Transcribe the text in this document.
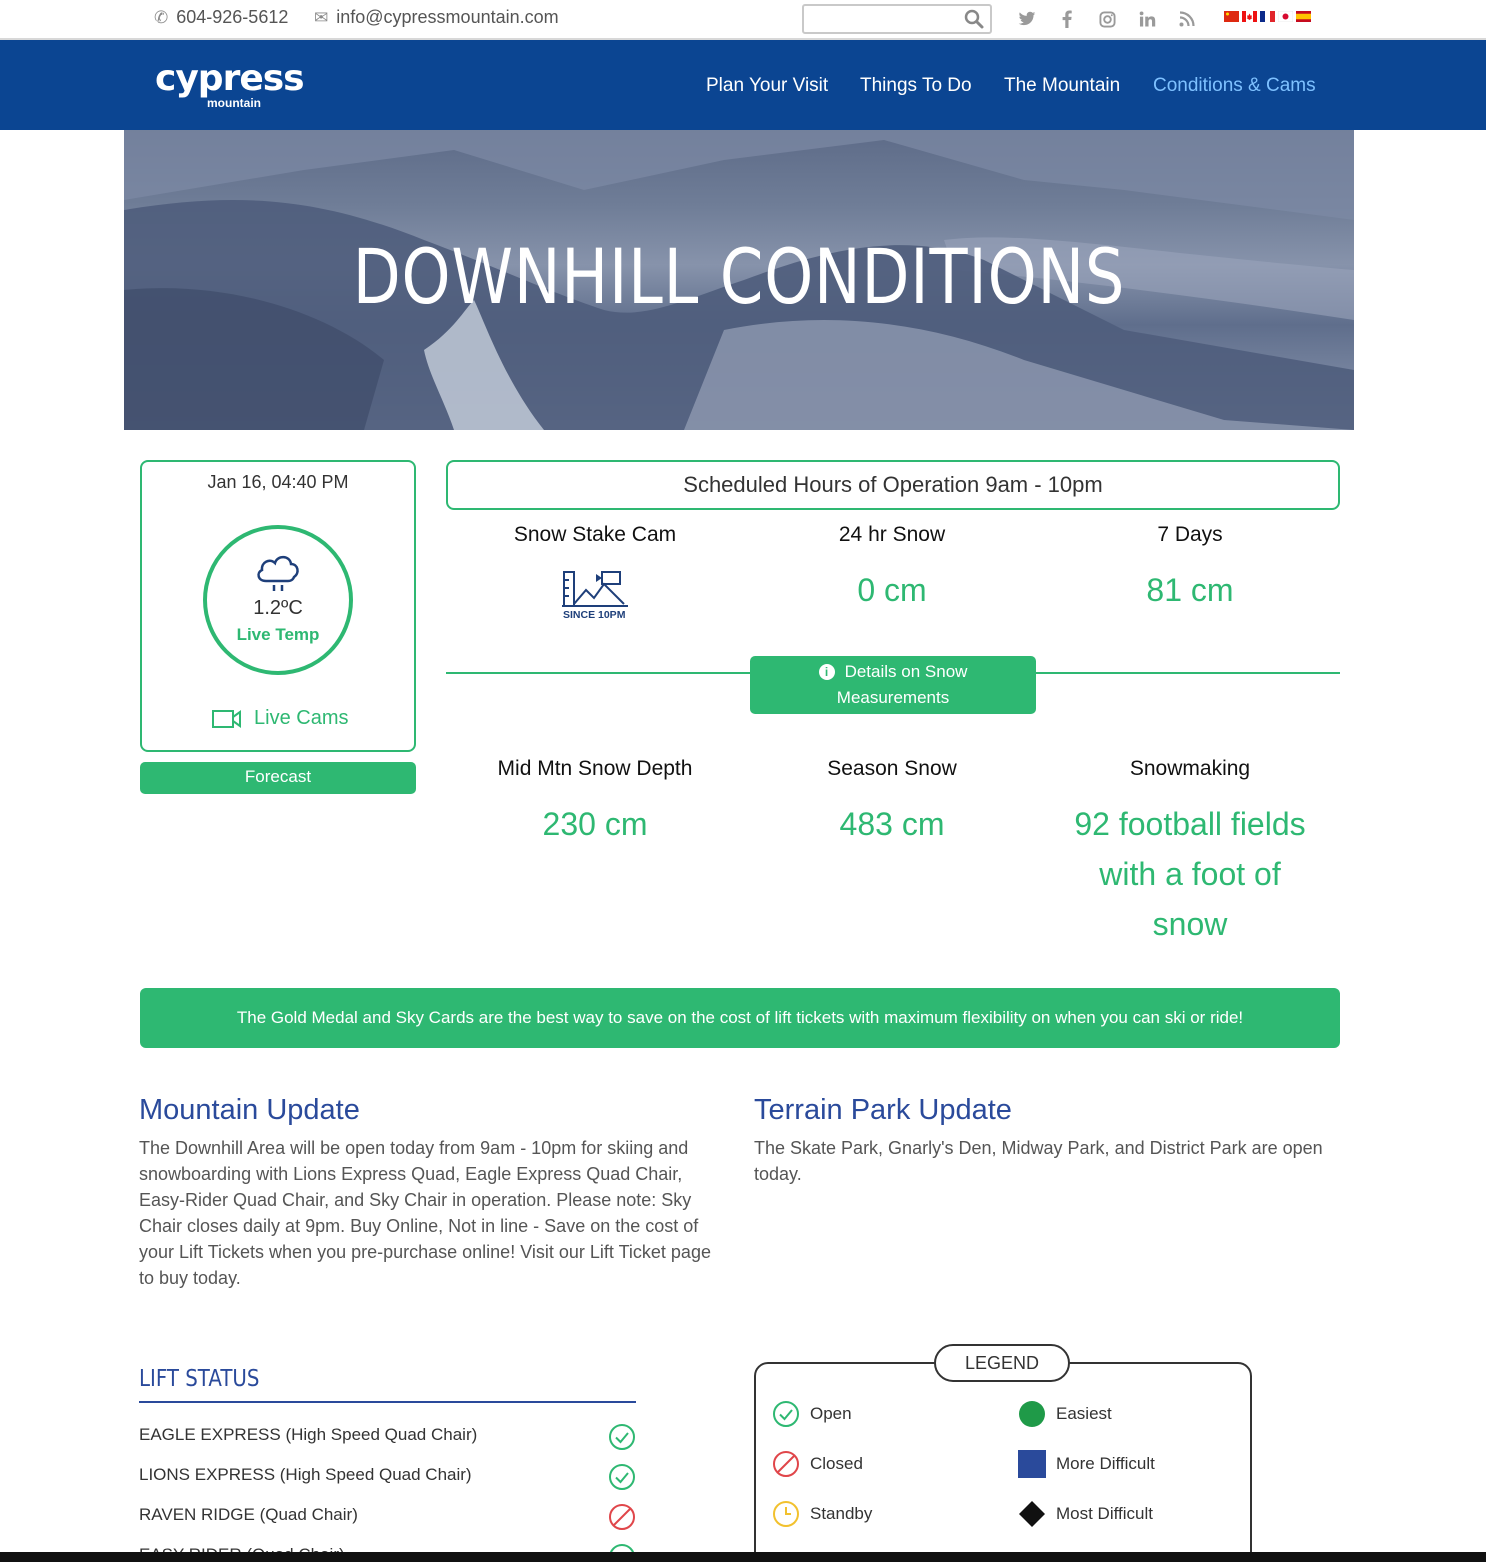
✆ 604-926-5612 ✉ info@cypressmountain.com
cypress
mountain
Plan Your Visit Things To Do The Mountain Conditions & Cams
DOWNHILL CONDITIONS
Jan 16, 04:40 PM
1.2ºC
Live Temp
Live Cams
Forecast
Scheduled Hours of Operation 9am - 10pm
Snow Stake Cam
SINCE 10PM
24 hr Snow
0 cm
7 Days
81 cm
i Details on Snow
Measurements
Mid Mtn Snow Depth
230 cm
Season Snow
483 cm
Snowmaking
92 football fields
with a foot of
snow
The Gold Medal and Sky Cards are the best way to save on the cost of lift tickets with maximum flexibility on when you can ski or ride!
Mountain Update

The Downhill Area will be open today from 9am - 10pm for skiing and snowboarding with Lions Express Quad, Eagle Express Quad Chair, Easy-Rider Quad Chair, and Sky Chair in operation. Please note: Sky Chair closes daily at 9pm. Buy Online, Not in line - Save on the cost of your Lift Tickets when you pre-purchase online! Visit our Lift Ticket page to buy today.

Terrain Park Update

The Skate Park, Gnarly's Den, Midway Park, and District Park are open today.

LIFT STATUS
EAGLE EXPRESS (High Speed Quad Chair)
LIONS EXPRESS (High Speed Quad Chair)
RAVEN RIDGE (Quad Chair)
LEGEND
Open
Closed
Standby
Easiest
More Difficult
Most Difficult
